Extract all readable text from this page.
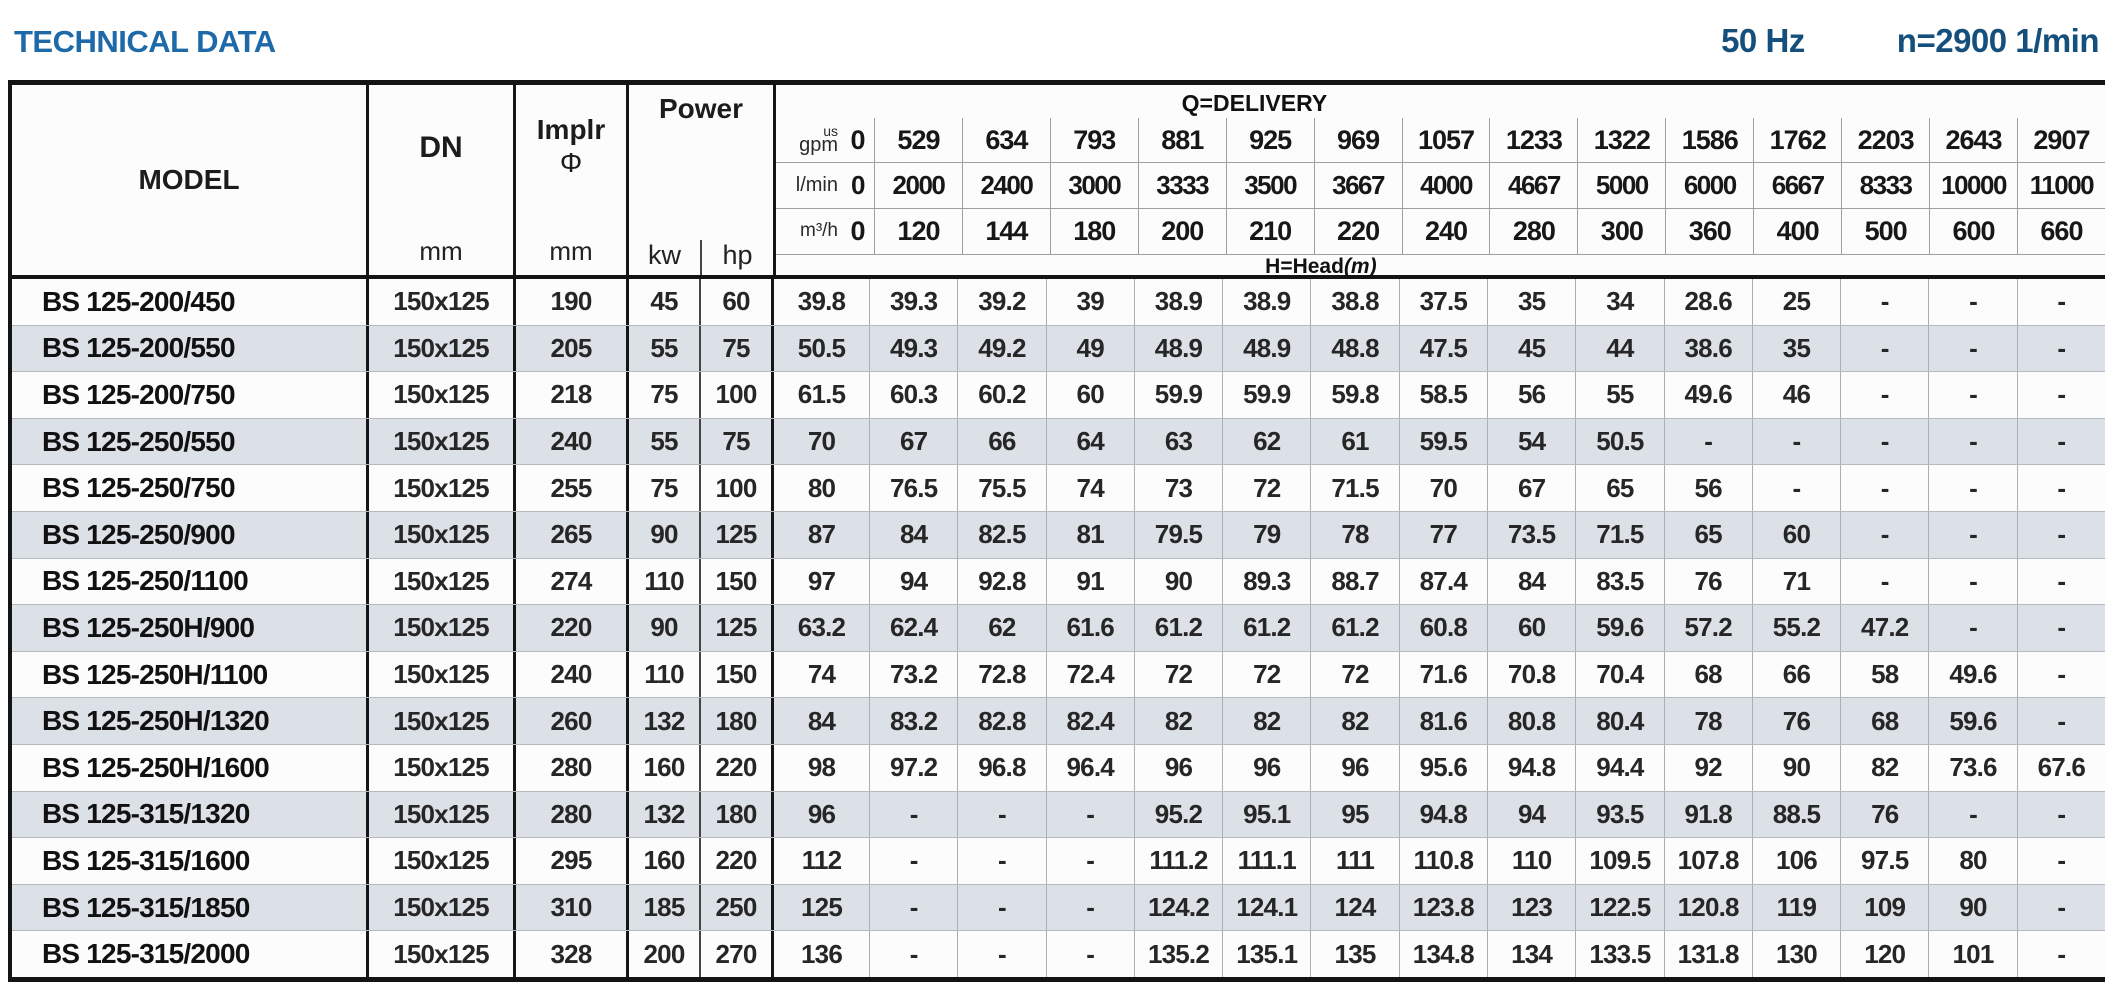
TECHNICAL DATA	50 Hz	n=2900 1/min
MODEL
DN
mm
Implr
Φ
mm
Power
kw	hp
Q=DELIVERY
us
gpm 0	529	634	793	881	925	969	1057	1233	1322	1586	1762	2203	2643	2907
l/min 0	2000	2400	3000	3333	3500	3667	4000	4667	5000	6000	6667	8333	10000 11000
m³/h 0	120	144	180	200	210	220	240	280	300	360	400	500	600	660
H=Head(m)
BS 125-200/450	150x125	190	45	60	39.8	39.3	39.2	39	38.9	38.9	38.8	37.5	35	34	28.6	25	-	-	-
BS 125-200/550	150x125	205	55	75	50.5	49.3	49.2	49	48.9	48.9	48.8	47.5	45	44	38.6	35	-	-	-
BS 125-200/750	150x125	218	75	100	61.5	60.3	60.2	60	59.9	59.9	59.8	58.5	56	55	49.6	46	-	-	-
BS 125-250/550	150x125	240	55	75	70	67	66	64	63	62	61	59.5	54	50.5	-	-	-	-	-
BS 125-250/750	150x125	255	75	100	80	76.5	75.5	74	73	72	71.5	70	67	65	56	-	-	-	-
BS 125-250/900	150x125	265	90	125	87	84	82.5	81	79.5	79	78	77	73.5	71.5	65	60	-	-	-
BS 125-250/1100	150x125	274	110	150	97	94	92.8	91	90	89.3	88.7	87.4	84	83.5	76	71	-	-	-
BS 125-250H/900	150x125	220	90	125	63.2	62.4	62	61.6	61.2	61.2	61.2	60.8	60	59.6	57.2	55.2	47.2	-	-
BS 125-250H/1100	150x125	240	110	150	74	73.2	72.8	72.4	72	72	72	71.6	70.8	70.4	68	66	58	49.6	-
BS 125-250H/1320	150x125	260	132	180	84	83.2	82.8	82.4	82	82	82	81.6	80.8	80.4	78	76	68	59.6	-
BS 125-250H/1600	150x125	280	160	220	98	97.2	96.8	96.4	96	96	96	95.6	94.8	94.4	92	90	82	73.6	67.6
BS 125-315/1320	150x125	280	132	180	96	-	-	-	95.2	95.1	95	94.8	94	93.5	91.8	88.5	76	-	-
BS 125-315/1600	150x125	295	160	220	112	-	-	-	111.2	111.1	111	110.8	110	109.5	107.8	106	97.5	80	-
BS 125-315/1850	150x125	310	185	250	125	-	-	-	124.2	124.1	124	123.8	123	122.5	120.8	119	109	90	-
BS 125-315/2000	150x125	328	200	270	136	-	-	-	135.2	135.1	135	134.8	134	133.5	131.8	130	120	101	-
